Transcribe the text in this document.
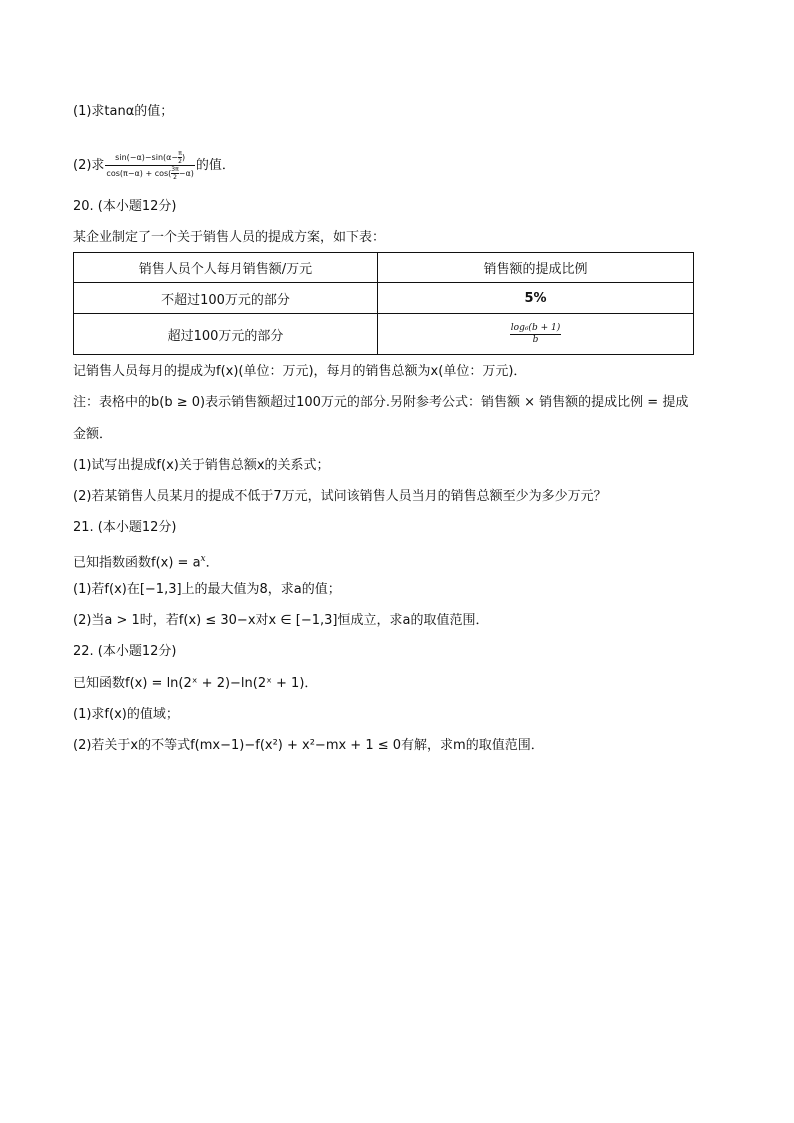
(1)求tanα的值；
(2)求 $\frac{\sin(-\alpha)-\sin(\alpha- \frac{\pi}{2})}{\cos(\pi-\alpha) + \cos( \frac{3\pi}{2}-\alpha)}$ 的值．
20. (本小题12分)
某企业制定了一个关于销售人员的提成方案，如下表：
销售人员个人每月销售额/万元	销售额的提成比例
不超过100万元的部分	5%
超过100万元的部分	$\frac{\text{log₆(b + 1)}}{b}$
记销售人员每月的提成为f(x)(单位：万元)，每月的销售总额为x(单位：万元)．
注：表格中的b(b ≥ 0)表示销售额超过100万元的部分.另附参考公式：销售额 × 销售额的提成比例 = 提成
金额．
(1)试写出提成f(x)关于销售总额x的关系式；
(2)若某销售人员某月的提成不低于7万元，试问该销售人员当月的销售总额至少为多少万元？
21. (本小题12分)
已知指数函数$f(x) = a^x$．
(1)若f(x)在[−1,3]上的最大值为8，求a的值；
(2)当a > 1时，若f(x) ≤ 30−x对x ∈ [−1,3]恒成立，求a的取值范围．
22. (本小题12分)
已知函数f(x) = ln(2ˣ + 2)−ln(2ˣ + 1)．
(1)求f(x)的值域；
(2)若关于x的不等式f(mx−1)−f(x²) + x²−mx + 1 ≤ 0有解，求m的取值范围．
